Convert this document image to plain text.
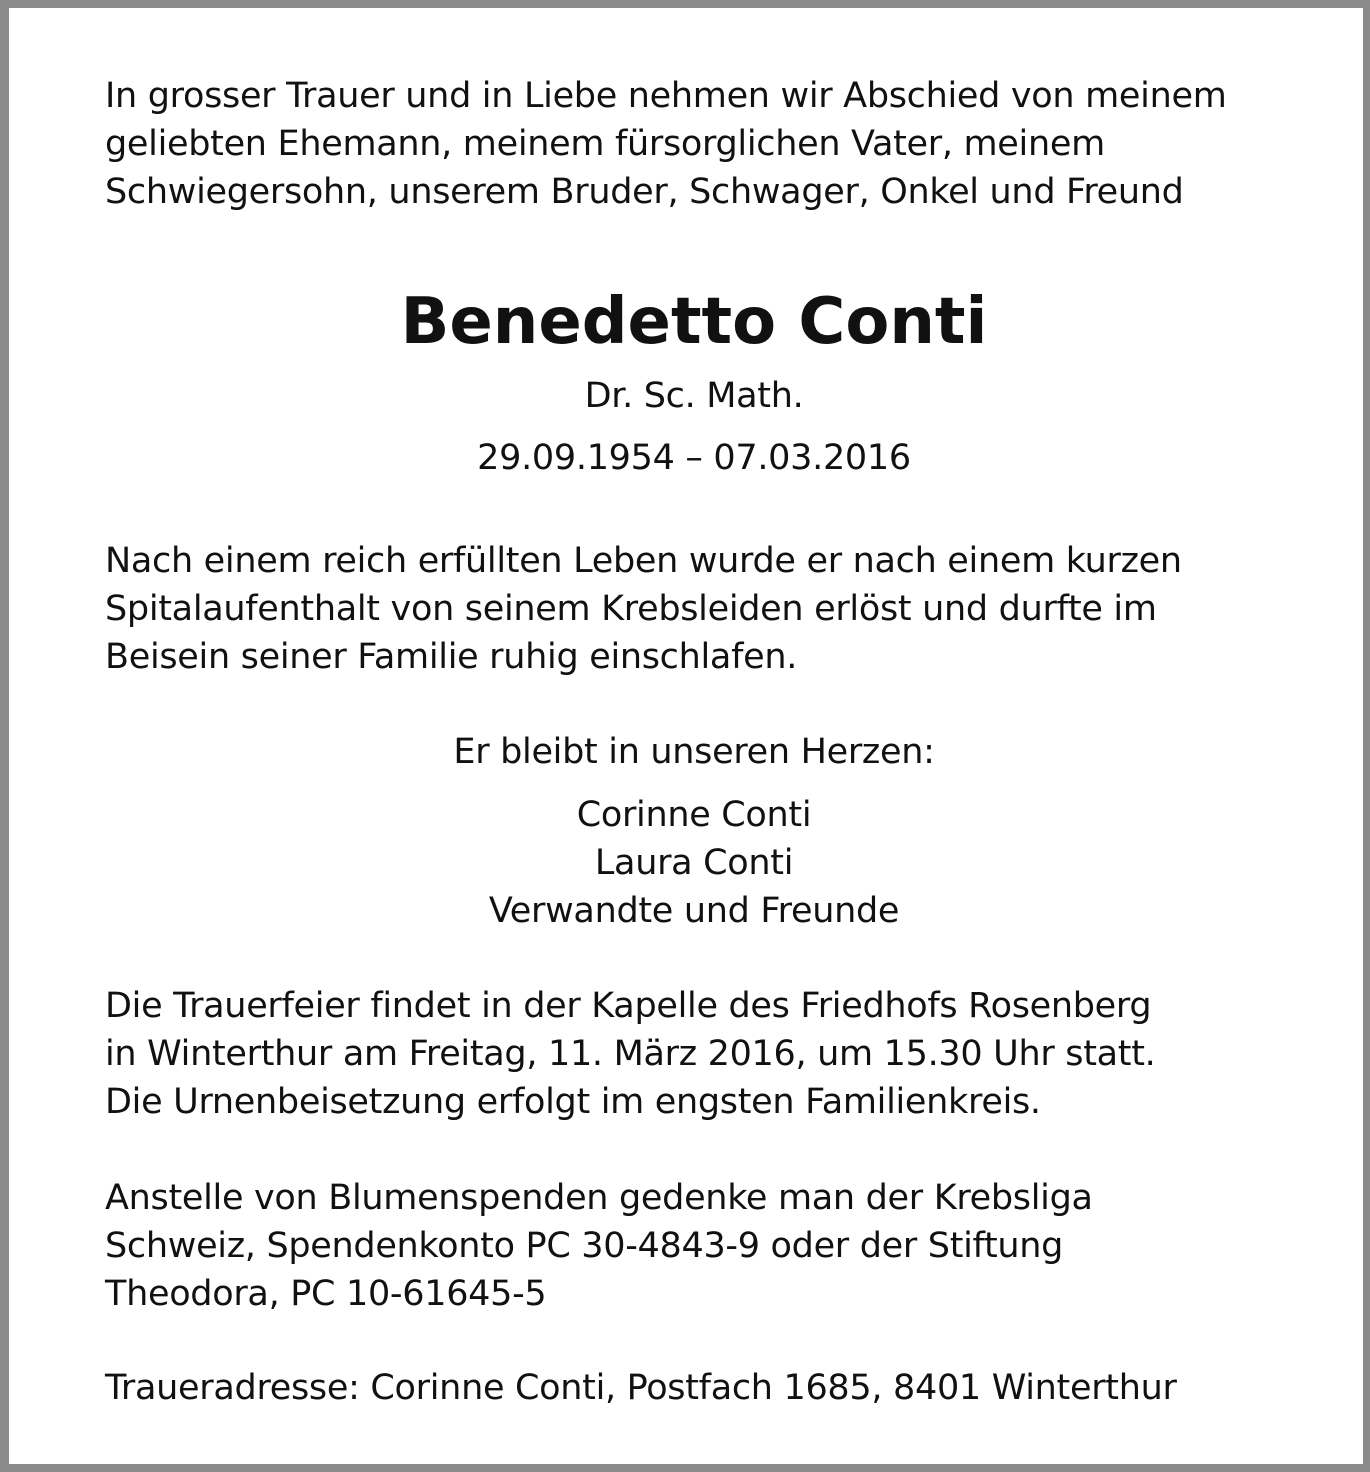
In grosser Trauer und in Liebe nehmen wir Abschied von meinem
geliebten Ehemann, meinem fürsorglichen Vater, meinem
Schwiegersohn, unserem Bruder, Schwager, Onkel und Freund
Benedetto Conti
Dr. Sc. Math.
29.09.1954 – 07.03.2016
Nach einem reich erfüllten Leben wurde er nach einem kurzen
Spitalaufenthalt von seinem Krebsleiden erlöst und durfte im
Beisein seiner Familie ruhig einschlafen.
Er bleibt in unseren Herzen:
Corinne Conti
Laura Conti
Verwandte und Freunde
Die Trauerfeier findet in der Kapelle des Friedhofs Rosenberg
in Winterthur am Freitag, 11. März 2016, um 15.30 Uhr statt.
Die Urnenbeisetzung erfolgt im engsten Familienkreis.
Anstelle von Blumenspenden gedenke man der Krebsliga
Schweiz, Spendenkonto PC 30-4843-9 oder der Stiftung
Theodora, PC 10-61645-5
Traueradresse: Corinne Conti, Postfach 1685, 8401 Winterthur
